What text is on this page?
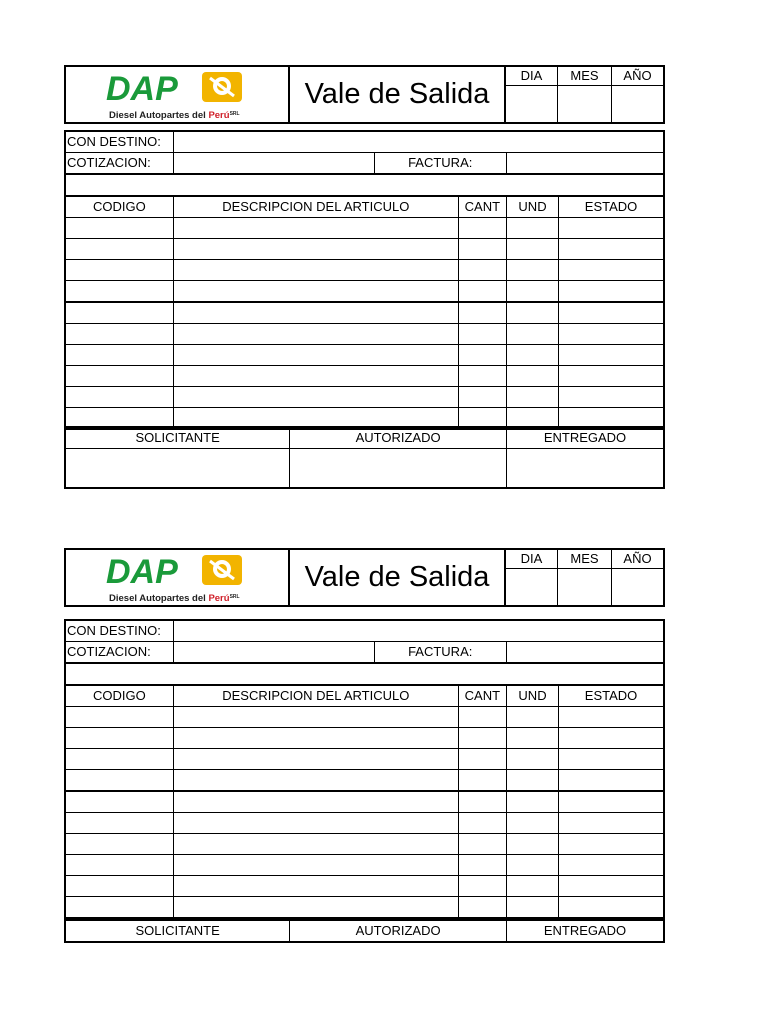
DAP
Diesel Autopartes del Perú$^{SRL}$
Vale de Salida
DIA	MES	AÑO
CON DESTINO:					
COTIZACION:		FACTURA:			

CODIGO	DESCRIPCION DEL ARTICULO		CANT	UND	ESTADO

SOLICITANTE	AUTORIZADO	ENTREGADO

DAP
Diesel Autopartes del Perú$^{SRL}$
Vale de Salida
DIA	MES	AÑO
CON DESTINO:					
COTIZACION:		FACTURA:			

CODIGO	DESCRIPCION DEL ARTICULO		CANT	UND	ESTADO

SOLICITANTE	AUTORIZADO	ENTREGADO
